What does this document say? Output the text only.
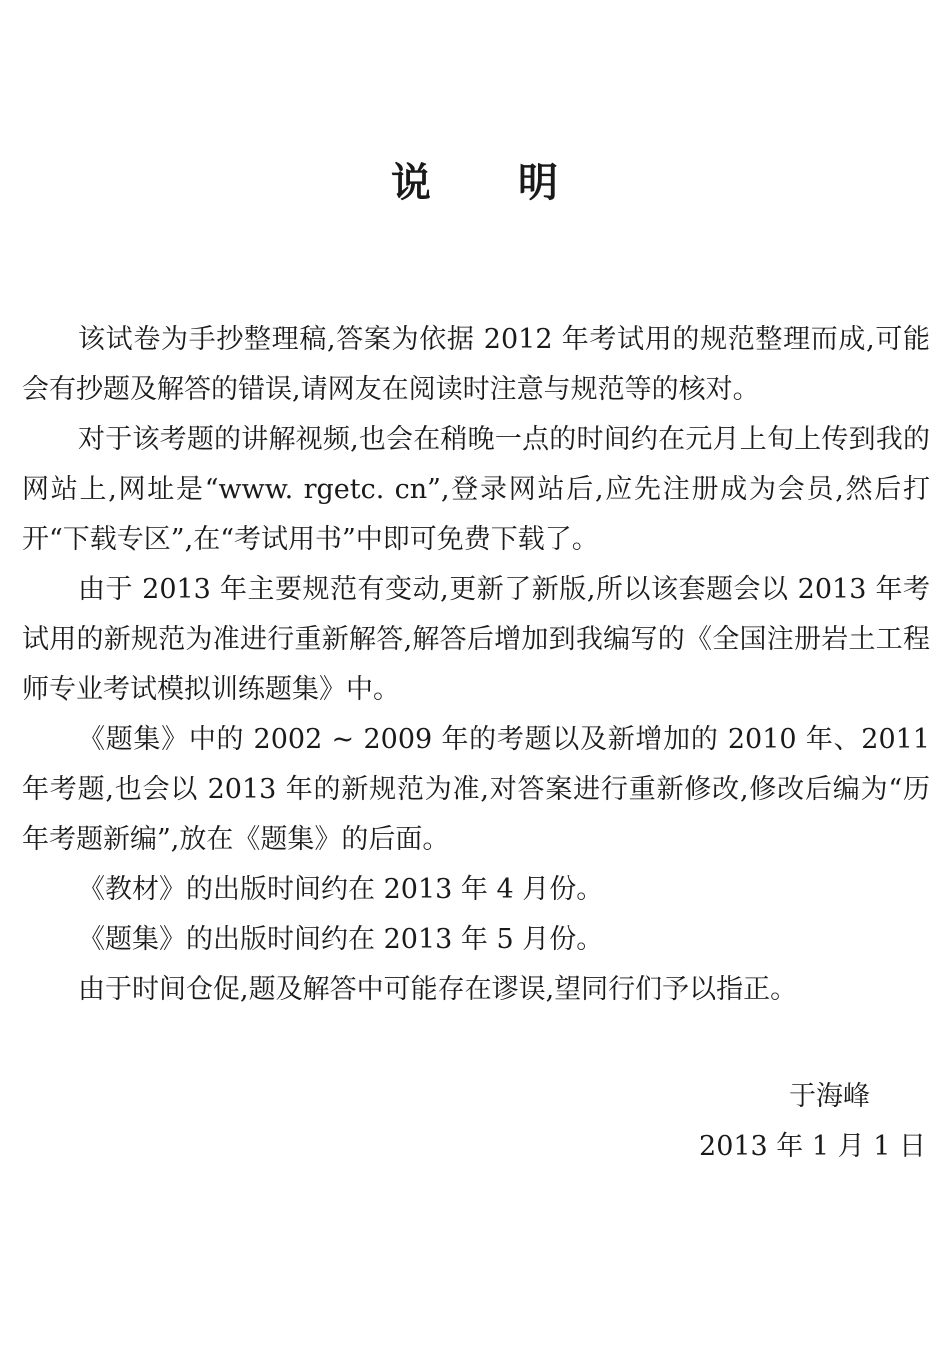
说 明

该试卷为手抄整理稿,答案为依据 2012 年考试用的规范整理而成,可能会有抄题及解答的错误,请网友在阅读时注意与规范等的核对。

对于该考题的讲解视频,也会在稍晚一点的时间约在元月上旬上传到我的网站上,网址是“www. rgetc. cn”,登录网站后,应先注册成为会员,然后打开“下载专区”,在“考试用书”中即可免费下载了。

由于 2013 年主要规范有变动,更新了新版,所以该套题会以 2013 年考试用的新规范为准进行重新解答,解答后增加到我编写的《全国注册岩土工程师专业考试模拟训练题集》中。

《题集》中的 2002 ~ 2009 年的考题以及新增加的 2010 年、2011 年考题,也会以 2013 年的新规范为准,对答案进行重新修改,修改后编为“历年考题新编”,放在《题集》的后面。

《教材》的出版时间约在 2013 年 4 月份。

《题集》的出版时间约在 2013 年 5 月份。

由于时间仓促,题及解答中可能存在谬误,望同行们予以指正。

于海峰
2013 年 1 月 1 日
